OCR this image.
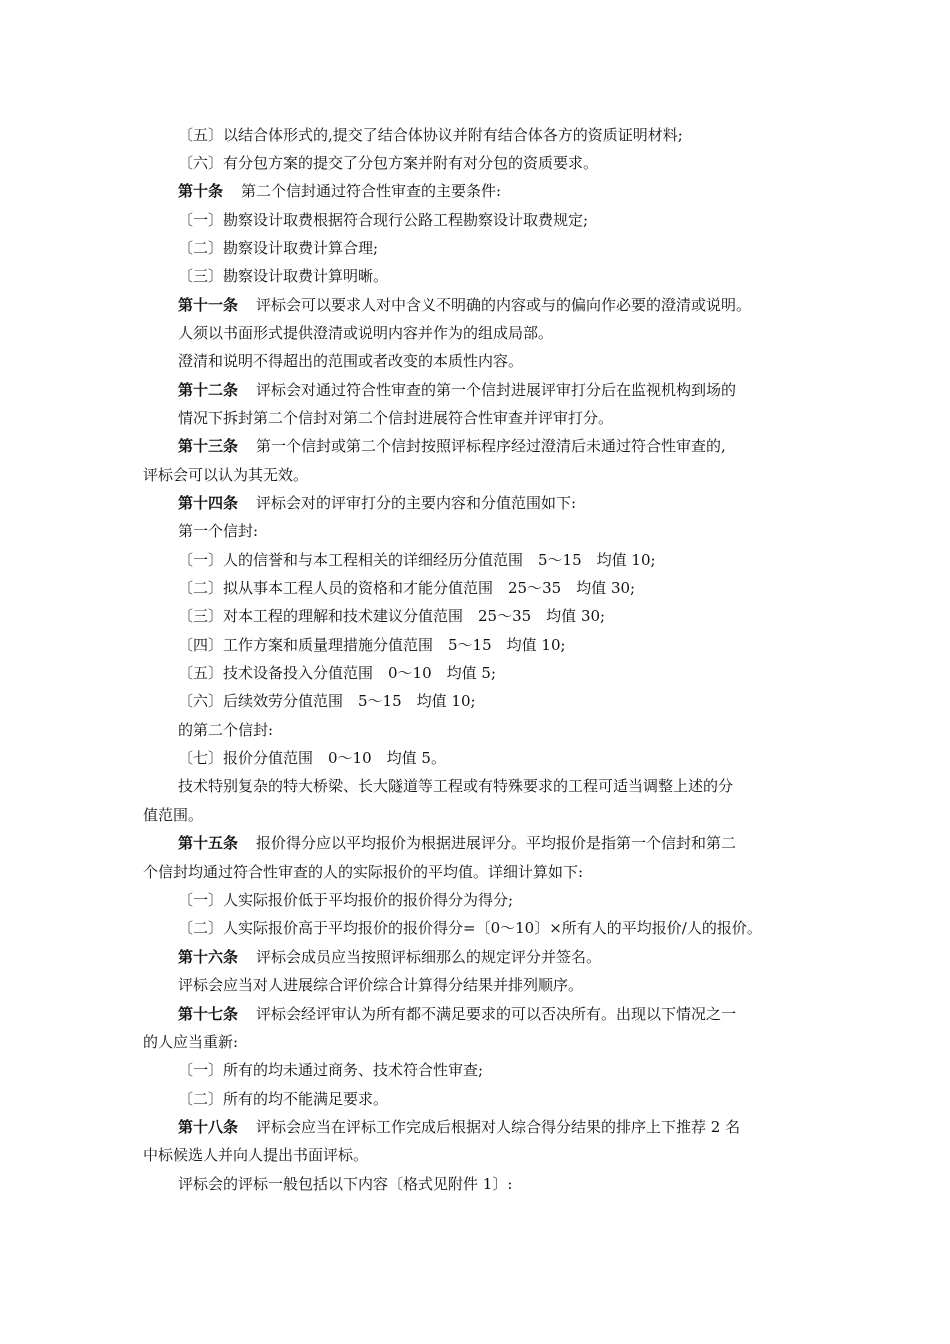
〔五〕以结合体形式的,提交了结合体协议并附有结合体各方的资质证明材料;
〔六〕有分包方案的提交了分包方案并附有对分包的资质要求。
第十条 第二个信封通过符合性审查的主要条件:
〔一〕勘察设计取费根据符合现行公路工程勘察设计取费规定;
〔二〕勘察设计取费计算合理;
〔三〕勘察设计取费计算明晰。
第十一条 评标会可以要求人对中含义不明确的内容或与的偏向作必要的澄清或说明。
人须以书面形式提供澄清或说明内容并作为的组成局部。
澄清和说明不得超出的范围或者改变的本质性内容。
第十二条 评标会对通过符合性审查的第一个信封进展评审打分后在监视机构到场的
情况下拆封第二个信封对第二个信封进展符合性审查并评审打分。
第十三条 第一个信封或第二个信封按照评标程序经过澄清后未通过符合性审查的,
评标会可以认为其无效。
第十四条 评标会对的评审打分的主要内容和分值范围如下:
第一个信封:
〔一〕人的信誉和与本工程相关的详细经历分值范围　5～15　均值 10;
〔二〕拟从事本工程人员的资格和才能分值范围　25～35　均值 30;
〔三〕对本工程的理解和技术建议分值范围　25～35　均值 30;
〔四〕工作方案和质量理措施分值范围　5～15　均值 10;
〔五〕技术设备投入分值范围　0～10　均值 5;
〔六〕后续效劳分值范围　5～15　均值 10;
的第二个信封:
〔七〕报价分值范围　0～10　均值 5。
技术特别复杂的特大桥梁、长大隧道等工程或有特殊要求的工程可适当调整上述的分
值范围。
第十五条 报价得分应以平均报价为根据进展评分。平均报价是指第一个信封和第二
个信封均通过符合性审查的人的实际报价的平均值。详细计算如下:
〔一〕人实际报价低于平均报价的报价得分为得分;
〔二〕人实际报价高于平均报价的报价得分=〔0～10〕×所有人的平均报价/人的报价。
第十六条 评标会成员应当按照评标细那么的规定评分并签名。
评标会应当对人进展综合评价综合计算得分结果并排列顺序。
第十七条 评标会经评审认为所有都不满足要求的可以否决所有。出现以下情况之一
的人应当重新:
〔一〕所有的均未通过商务、技术符合性审查;
〔二〕所有的均不能满足要求。
第十八条 评标会应当在评标工作完成后根据对人综合得分结果的排序上下推荐 2 名
中标候选人并向人提出书面评标。
评标会的评标一般包括以下内容〔格式见附件 1〕:
